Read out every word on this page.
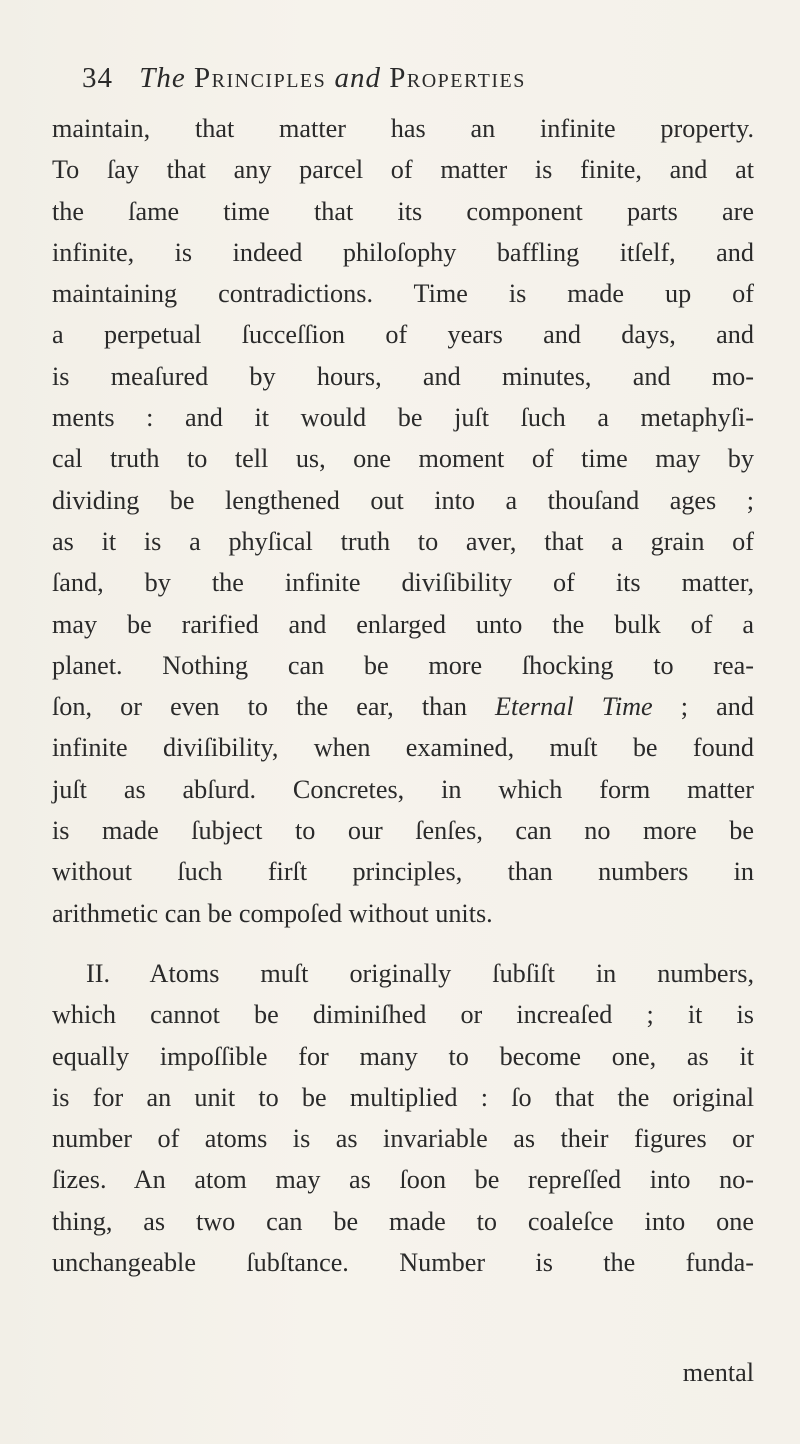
34 The Principles and Properties
maintain, that matter has an infinite property.
To ſay that any parcel of matter is finite, and at
the ſame time that its component parts are
infinite, is indeed philoſophy baffling itſelf, and
maintaining contradictions. Time is made up of
a perpetual ſucceſſion of years and days, and
is meaſured by hours, and minutes, and mo-
ments : and it would be juſt ſuch a metaphyſi-
cal truth to tell us, one moment of time may by
dividing be lengthened out into a thouſand ages ;
as it is a phyſical truth to aver, that a grain of
ſand, by the infinite diviſibility of its matter,
may be rarified and enlarged unto the bulk of a
planet. Nothing can be more ſhocking to rea-
ſon, or even to the ear, than Eternal Time ; and
infinite diviſibility, when examined, muſt be found
juſt as abſurd. Concretes, in which form matter
is made ſubject to our ſenſes, can no more be
without ſuch firſt principles, than numbers in
arithmetic can be compoſed without units.
II. Atoms muſt originally ſubſiſt in numbers,
which cannot be diminiſhed or increaſed ; it is
equally impoſſible for many to become one, as it
is for an unit to be multiplied : ſo that the original
number of atoms is as invariable as their figures or
ſizes. An atom may as ſoon be repreſſed into no-
thing, as two can be made to coaleſce into one
unchangeable ſubſtance. Number is the funda-
mental
